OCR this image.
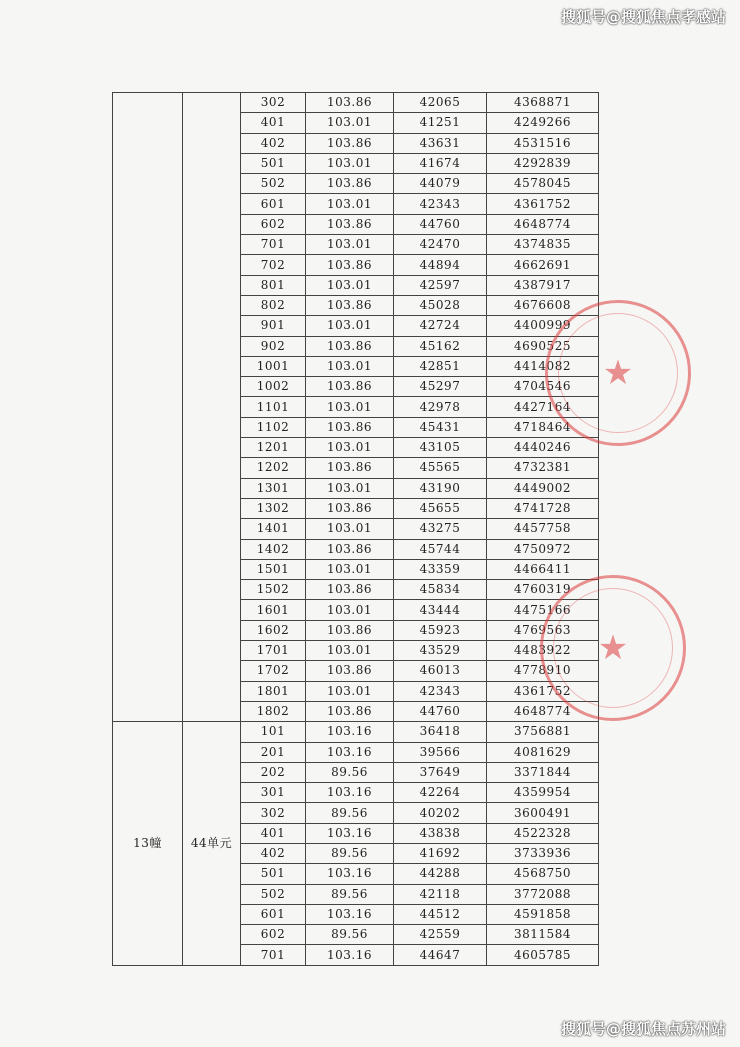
搜狐号@搜狐焦点孝感站
		302	103.86	42065	4368871
		401	103.01	41251	4249266
		402	103.86	43631	4531516
		501	103.01	41674	4292839
		502	103.86	44079	4578045
		601	103.01	42343	4361752
		602	103.86	44760	4648774
		701	103.01	42470	4374835
		702	103.86	44894	4662691
		801	103.01	42597	4387917
		802	103.86	45028	4676608
		901	103.01	42724	4400999
		902	103.86	45162	4690525
		1001	103.01	42851	4414082
		1002	103.86	45297	4704546
		1101	103.01	42978	4427164
		1102	103.86	45431	4718464
		1201	103.01	43105	4440246
		1202	103.86	45565	4732381
		1301	103.01	43190	4449002
		1302	103.86	45655	4741728
		1401	103.01	43275	4457758
		1402	103.86	45744	4750972
		1501	103.01	43359	4466411
		1502	103.86	45834	4760319
		1601	103.01	43444	4475166
		1602	103.86	45923	4769563
		1701	103.01	43529	4483922
		1702	103.86	46013	4778910
		1801	103.01	42343	4361752
		1802	103.86	44760	4648774
13幢	44单元	101	103.16	36418	3756881
		201	103.16	39566	4081629
		202	89.56	37649	3371844
		301	103.16	42264	4359954
		302	89.56	40202	3600491
		401	103.16	43838	4522328
		402	89.56	41692	3733936
		501	103.16	44288	4568750
		502	89.56	42118	3772088
		601	103.16	44512	4591858
		602	89.56	42559	3811584
		701	103.16	44647	4605785
★
★
搜狐号@搜狐焦点苏州站
